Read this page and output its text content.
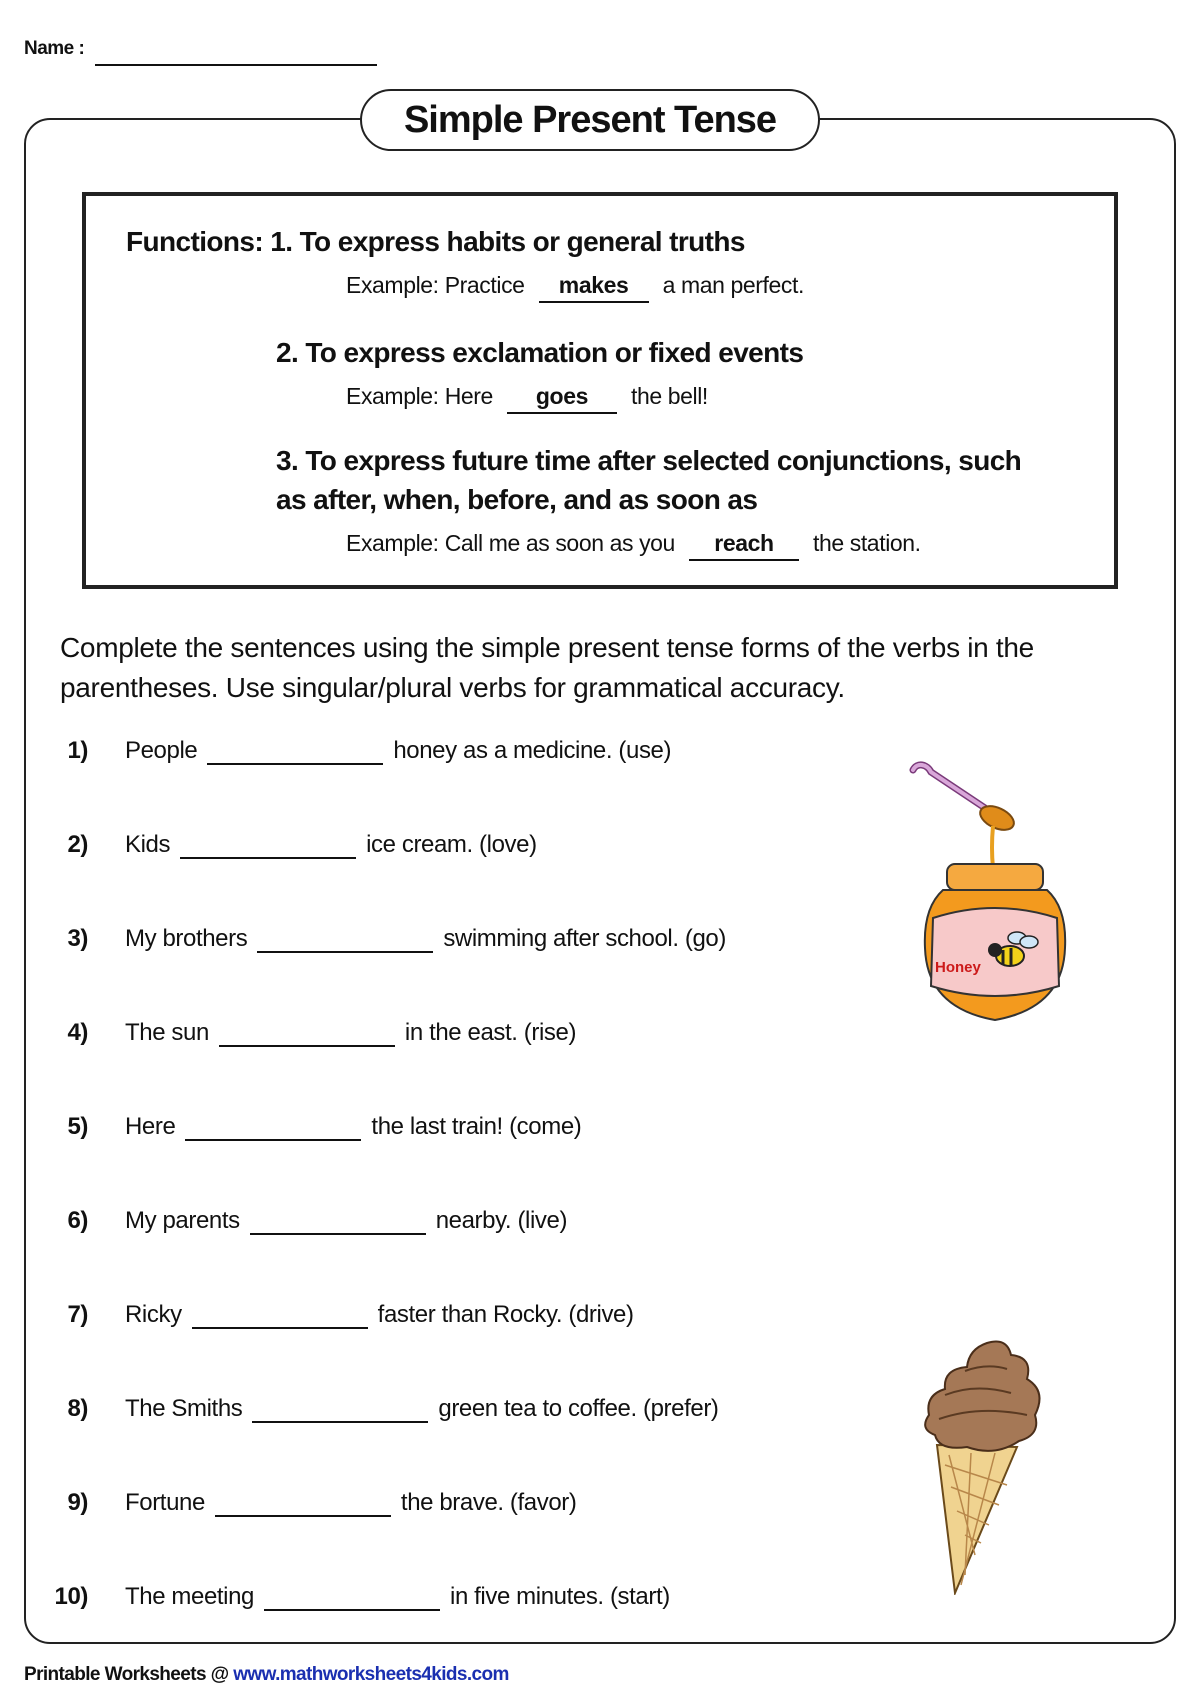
Name :
Simple Present Tense
Functions: 1. To express habits or general truths
Example: Practice makes a man perfect.
2. To express exclamation or fixed events
Example: Here goes the bell!
3. To express future time after selected conjunctions, such
as after, when, before, and as soon as
Example: Call me as soon as you reach the station.
Complete the sentences using the simple present tense forms of the verbs in the parentheses. Use singular/plural verbs for grammatical accuracy.
1) People	honey as a medicine. (use)
2) Kids	ice cream. (love)
3) My brothers	swimming after school. (go)
4) The sun	in the east. (rise)
5) Here	the last train! (come)
6) My parents	nearby. (live)
7) Ricky	faster than Rocky. (drive)
8) The Smiths	green tea to coffee. (prefer)
9) Fortune	the brave. (favor)
10) The meeting	in five minutes. (start)
Honey
Printable Worksheets @ www.mathworksheets4kids.com
